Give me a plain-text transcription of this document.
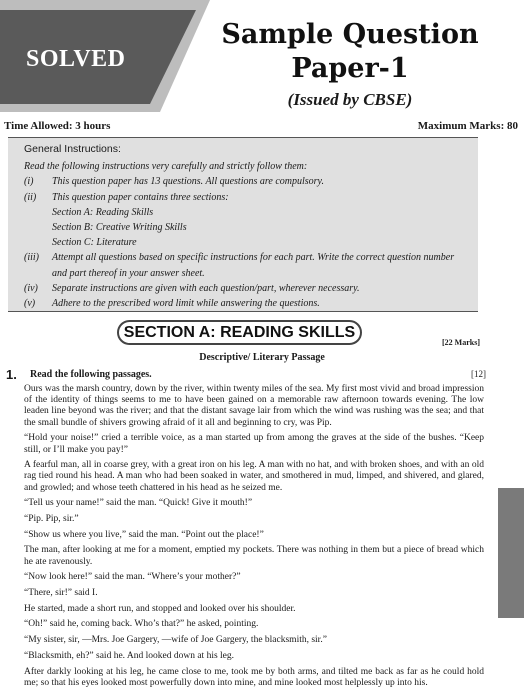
SOLVED
Sample Question
Paper-1
(Issued by CBSE)
Time Allowed: 3 hours	Maximum Marks: 80
General Instructions:
Read the following instructions very carefully and strictly follow them:
(i)	This question paper has 13 questions. All questions are compulsory.
(ii)	This question paper contains three sections:
Section A: Reading Skills
Section B: Creative Writing Skills
Section C: Literature
(iii)	Attempt all questions based on specific instructions for each part. Write the correct question number and part thereof in your answer sheet.
(iv)	Separate instructions are given with each question/part, wherever necessary.
(v)	Adhere to the prescribed word limit while answering the questions.
SECTION A: READING SKILLS
[22 Marks]
Descriptive/ Literary Passage
1. Read the following passages.	[12]

Ours was the marsh country, down by the river, within twenty miles of the sea. My first most vivid and broad impression of the identity of things seems to me to have been gained on a memorable raw afternoon towards evening. The low leaden line beyond was the river; and that the distant savage lair from which the wind was rushing was the sea; and that the small bundle of shivers growing afraid of it all and beginning to cry, was Pip.

“Hold your noise!” cried a terrible voice, as a man started up from among the graves at the side of the bushes. “Keep still, or I’ll make you pay!”

A fearful man, all in coarse grey, with a great iron on his leg. A man with no hat, and with broken shoes, and with an old rag tied round his head. A man who had been soaked in water, and smothered in mud, limped, and shivered, and glared, and growled; and whose teeth chattered in his head as he seized me.

“Tell us your name!” said the man. “Quick! Give it mouth!”

“Pip. Pip, sir.”

“Show us where you live,” said the man. “Point out the place!”

The man, after looking at me for a moment, emptied my pockets. There was nothing in them but a piece of bread which he ate ravenously.

“Now look here!” said the man. “Where’s your mother?”

“There, sir!” said I.

He started, made a short run, and stopped and looked over his shoulder.

“Oh!” said he, coming back. Who’s that?” he asked, pointing.

“My sister, sir, —Mrs. Joe Gargery, —wife of Joe Gargery, the blacksmith, sir.”

“Blacksmith, eh?” said he. And looked down at his leg.

After darkly looking at his leg, he came close to me, took me by both arms, and tilted me back as far as he could hold me; so that his eyes looked most powerfully down into mine, and mine looked most helplessly up into his.
